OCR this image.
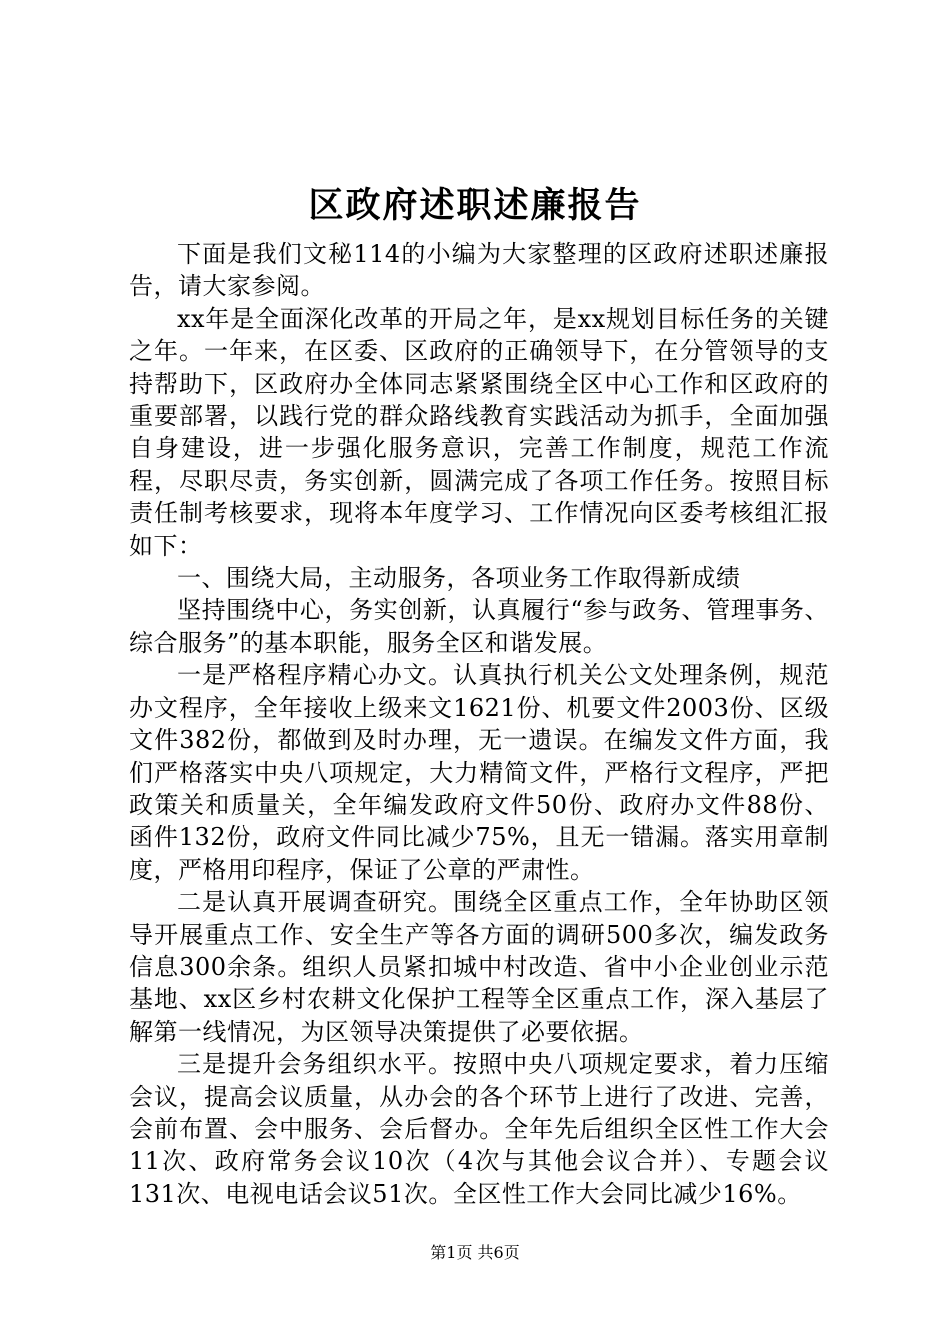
区政府述职述廉报告

下面是我们文秘114的小编为大家整理的区政府述职述廉报告，请大家参阅。

xx年是全面深化改革的开局之年，是xx规划目标任务的关键之年。一年来，在区委、区政府的正确领导下，在分管领导的支持帮助下，区政府办全体同志紧紧围绕全区中心工作和区政府的重要部署，以践行党的群众路线教育实践活动为抓手，全面加强自身建设，进一步强化服务意识，完善工作制度，规范工作流程，尽职尽责，务实创新，圆满完成了各项工作任务。按照目标责任制考核要求，现将本年度学习、工作情况向区委考核组汇报如下：

一、围绕大局，主动服务，各项业务工作取得新成绩

坚持围绕中心，务实创新，认真履行“参与政务、管理事务、综合服务”的基本职能，服务全区和谐发展。

一是严格程序精心办文。认真执行机关公文处理条例，规范办文程序，全年接收上级来文1621份、机要文件2003份、区级文件382份，都做到及时办理，无一遗误。在编发文件方面，我们严格落实中央八项规定，大力精简文件，严格行文程序，严把政策关和质量关，全年编发政府文件50份、政府办文件88份、函件132份，政府文件同比减少75%，且无一错漏。落实用章制度，严格用印程序，保证了公章的严肃性。

二是认真开展调查研究。围绕全区重点工作，全年协助区领导开展重点工作、安全生产等各方面的调研500多次，编发政务信息300余条。组织人员紧扣城中村改造、省中小企业创业示范基地、xx区乡村农耕文化保护工程等全区重点工作，深入基层了解第一线情况，为区领导决策提供了必要依据。

三是提升会务组织水平。按照中央八项规定要求，着力压缩会议，提高会议质量，从办会的各个环节上进行了改进、完善，会前布置、会中服务、会后督办。全年先后组织全区性工作大会11次、政府常务会议10次（4次与其他会议合并）、专题会议131次、电视电话会议51次。全区性工作大会同比减少16%。

第1页 共6页
